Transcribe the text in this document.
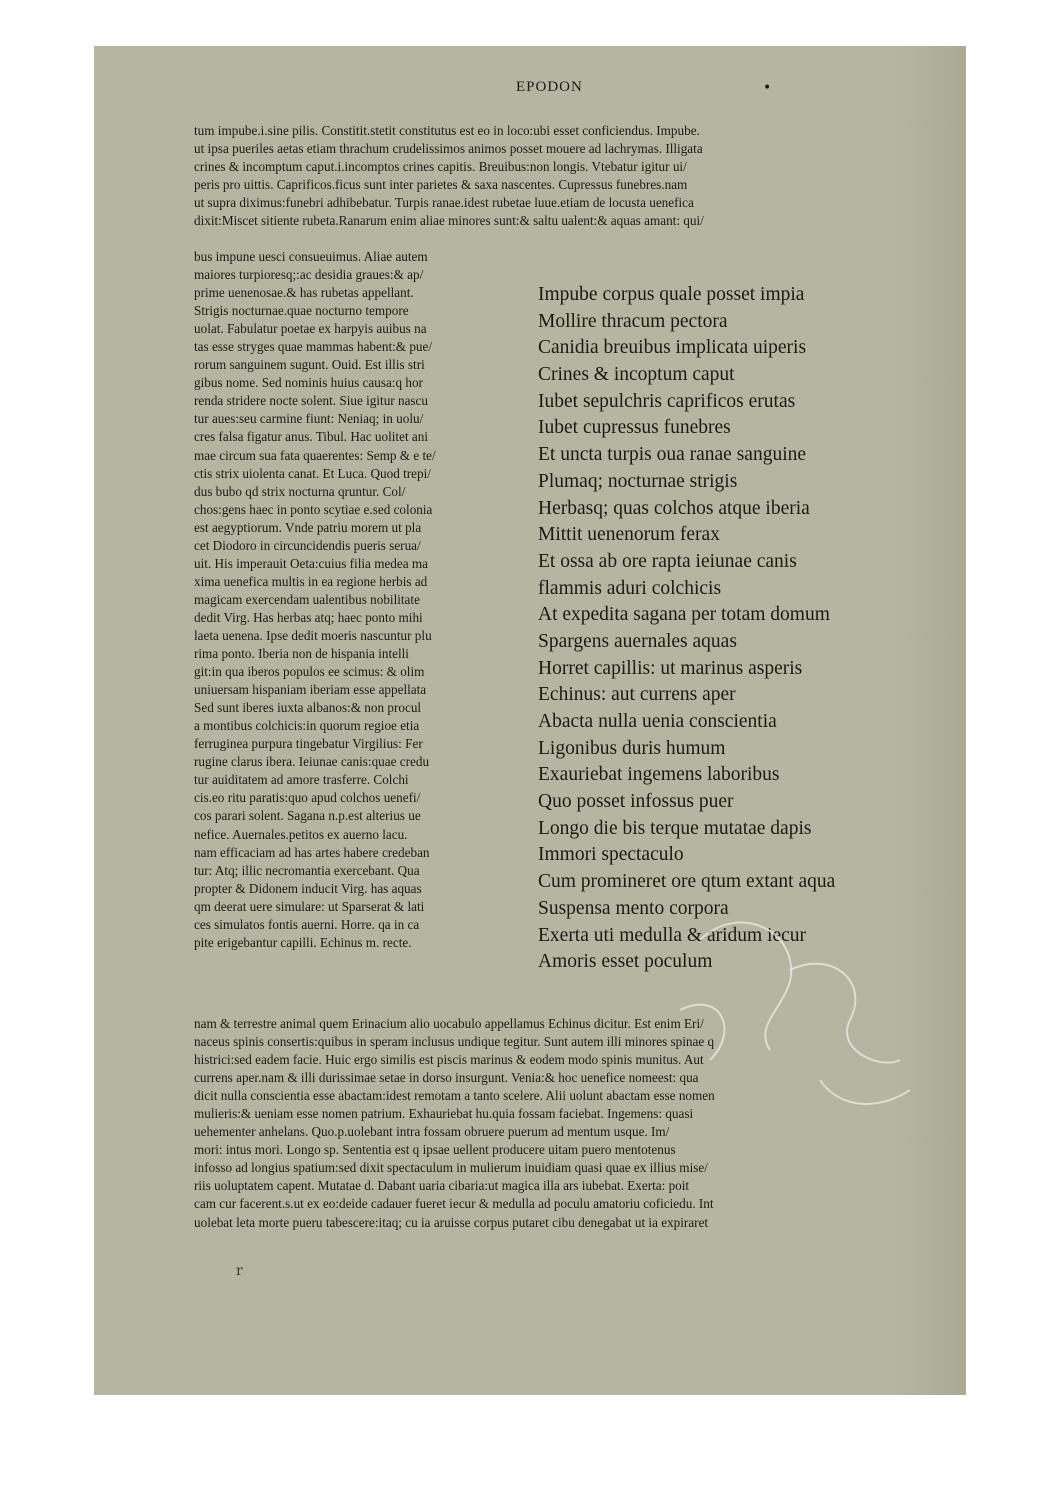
EPODON	•
tum impube.i.sine pilis. Constitit.stetit constitutus est eo in loco:ubi esset conficiendus. Impube.
ut ipsa pueriles aetas etiam thrachum crudelissimos animos posset mouere ad lachrymas. Illigata
crines & incomptum caput.i.incomptos crines capitis. Breuibus:non longis. Vtebatur igitur ui/
peris pro uittis. Caprificos.ficus sunt inter parietes & saxa nascentes. Cupressus funebres.nam
ut supra diximus:funebri adhibebatur. Turpis ranae.idest rubetae luue.etiam de locusta uenefica
dixit:Miscet sitiente rubeta.Ranarum enim aliae minores sunt:& saltu ualent:& aquas amant: qui/
bus impune uesci consueuimus. Aliae autem
maiores turpioresq;:ac desidia graues:& ap/
prime uenenosae.& has rubetas appellant.
Strigis nocturnae.quae nocturno tempore
uolat. Fabulatur poetae ex harpyis auibus na
tas esse stryges quae mammas habent:& pue/
rorum sanguinem sugunt. Ouid. Est illis stri
gibus nome. Sed nominis huius causa:q hor
renda stridere nocte solent. Siue igitur nascu
tur aues:seu carmine fiunt: Neniaq; in uolu/
cres falsa figatur anus. Tibul. Hac uolitet ani
mae circum sua fata quaerentes: Semp & e te/
ctis strix uiolenta canat. Et Luca. Quod trepi/
dus bubo qd strix nocturna qruntur. Col/
chos:gens haec in ponto scytiae e.sed colonia
est aegyptiorum. Vnde patriu morem ut pla
cet Diodoro in circuncidendis pueris serua/
uit. His imperauit Oeta:cuius filia medea ma
xima uenefica multis in ea regione herbis ad
magicam exercendam ualentibus nobilitate
dedit Virg. Has herbas atq; haec ponto mihi
laeta uenena. Ipse dedit moeris nascuntur plu
rima ponto. Iberia non de hispania intelli
git:in qua iberos populos ee scimus: & olim
uniuersam hispaniam iberiam esse appellata
Sed sunt iberes iuxta albanos:& non procul
a montibus colchicis:in quorum regioe etia
ferruginea purpura tingebatur Virgilius: Fer
rugine clarus ibera. Ieiunae canis:quae credu
tur auiditatem ad amore trasferre. Colchi
cis.eo ritu paratis:quo apud colchos uenefi/
cos parari solent. Sagana n.p.est alterius ue
nefice. Auernales.petitos ex auerno lacu.
nam efficaciam ad has artes habere credeban
tur: Atq; illic necromantia exercebant. Qua
propter & Didonem inducit Virg. has aquas
qm deerat uere simulare: ut Sparserat & lati
ces simulatos fontis auerni. Horre. qa in ca
pite erigebantur capilli. Echinus m. recte.
Impube corpus quale posset impia
Mollire thracum pectora
Canidia breuibus implicata uiperis
Crines & incoptum caput
Iubet sepulchris caprificos erutas
Iubet cupressus funebres
Et uncta turpis oua ranae sanguine
Plumaq; nocturnae strigis
Herbasq; quas colchos atque iberia
Mittit uenenorum ferax
Et ossa ab ore rapta ieiunae canis
flammis aduri colchicis
At expedita sagana per totam domum
Spargens auernales aquas
Horret capillis: ut marinus asperis
Echinus: aut currens aper
Abacta nulla uenia conscientia
Ligonibus duris humum
Exauriebat ingemens laboribus
Quo posset infossus puer
Longo die bis terque mutatae dapis
Immori spectaculo
Cum promineret ore qtum extant aqua
Suspensa mento corpora
Exerta uti medulla & aridum iecur
Amoris esset poculum
nam & terrestre animal quem Erinacium alio uocabulo appellamus Echinus dicitur. Est enim Eri/
naceus spinis consertis:quibus in speram inclusus undique tegitur. Sunt autem illi minores spinae q
histrici:sed eadem facie. Huic ergo similis est piscis marinus & eodem modo spinis munitus. Aut
currens aper.nam & illi durissimae setae in dorso insurgunt. Venia:& hoc uenefice nomeest: qua
dicit nulla conscientia esse abactam:idest remotam a tanto scelere. Alii uolunt abactam esse nomen
mulieris:& ueniam esse nomen patrium. Exhauriebat hu.quia fossam faciebat. Ingemens: quasi
uehementer anhelans. Quo.p.uolebant intra fossam obruere puerum ad mentum usque. Im/
mori: intus mori. Longo sp. Sententia est q ipsae uellent producere uitam puero mentotenus
infosso ad longius spatium:sed dixit spectaculum in mulierum inuidiam quasi quae ex illius mise/
riis uoluptatem capent. Mutatae d. Dabant uaria cibaria:ut magica illa ars iubebat. Exerta: poit
cam cur facerent.s.ut ex eo:deide cadauer fueret iecur & medulla ad poculu amatoriu coficiedu. Int
uolebat leta morte pueru tabescere:itaq; cu ia aruisse corpus putaret cibu denegabat ut ia expiraret
r
